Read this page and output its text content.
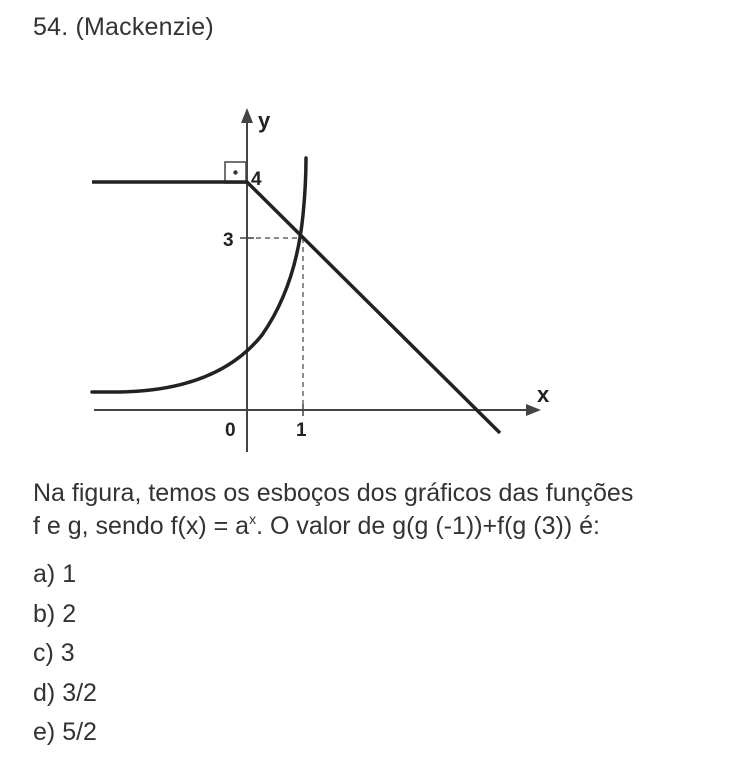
54. (Mackenzie)
y
x
4
3
0	1

Na figura, temos os esboços dos gráficos das funções

f e g, sendo $f(x) = a^x$. O valor de g(g (-1))+f(g (3)) é:

a) 1
b) 2
c) 3
d) 3/2
e) 5/2
